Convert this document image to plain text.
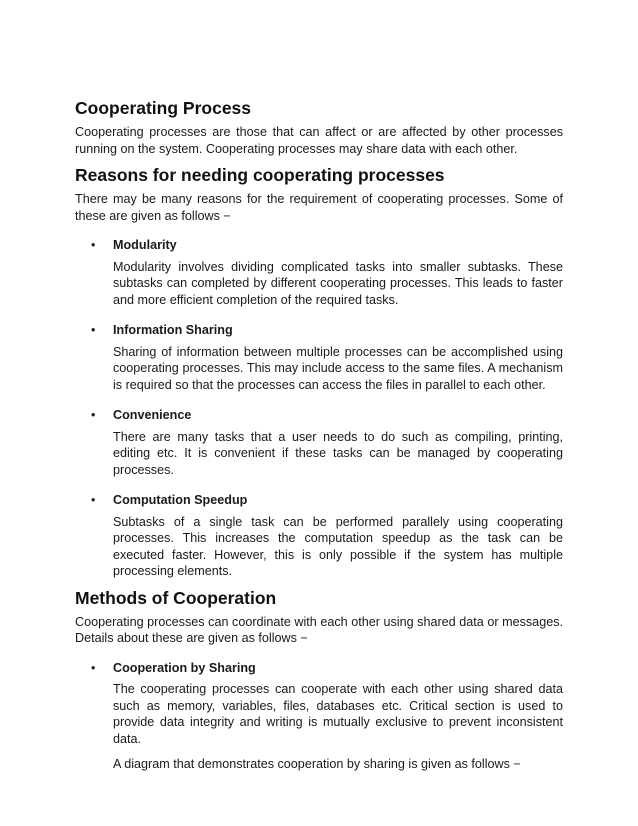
Cooperating Process

Cooperating processes are those that can affect or are affected by other processes running on the system. Cooperating processes may share data with each other.

Reasons for needing cooperating processes

There may be many reasons for the requirement of cooperating processes. Some of these are given as follows −

• Modularity

Modularity involves dividing complicated tasks into smaller subtasks. These subtasks can completed by different cooperating processes. This leads to faster and more efficient completion of the required tasks.

• Information Sharing

Sharing of information between multiple processes can be accomplished using cooperating processes. This may include access to the same files. A mechanism is required so that the processes can access the files in parallel to each other.

• Convenience

There are many tasks that a user needs to do such as compiling, printing, editing etc. It is convenient if these tasks can be managed by cooperating processes.

• Computation Speedup

Subtasks of a single task can be performed parallely using cooperating processes. This increases the computation speedup as the task can be executed faster. However, this is only possible if the system has multiple processing elements.

Methods of Cooperation

Cooperating processes can coordinate with each other using shared data or messages. Details about these are given as follows −

• Cooperation by Sharing

The cooperating processes can cooperate with each other using shared data such as memory, variables, files, databases etc. Critical section is used to provide data integrity and writing is mutually exclusive to prevent inconsistent data.

A diagram that demonstrates cooperation by sharing is given as follows −
